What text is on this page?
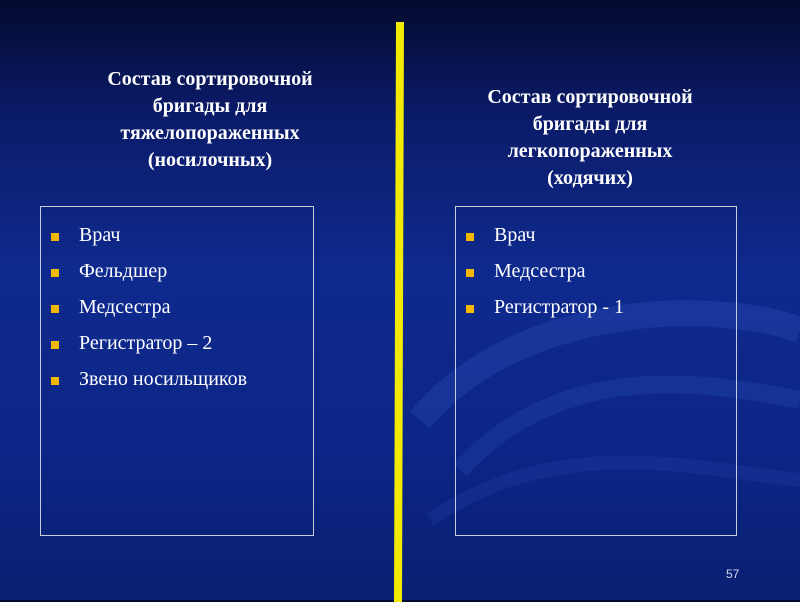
Состав сортировочной
бригады для
тяжелопораженных
(носилочных)
Состав сортировочной
бригады для
легкопораженных
(ходячих)
Врач
Фельдшер
Медсестра
Регистратор – 2
Звено носильщиков
Врач
Медсестра
Регистратор - 1
57
